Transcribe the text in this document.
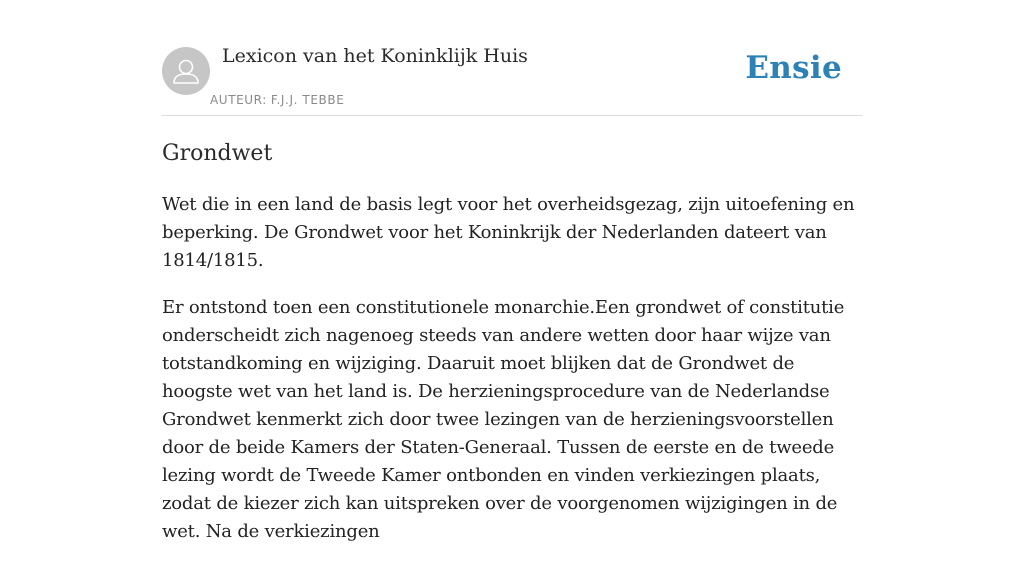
Lexicon van het Koninklijk Huis
AUTEUR: F.J.J. TEBBE
Ensie
Grondwet

Wet die in een land de basis legt voor het overheidsgezag, zijn uitoefening en beperking. De Grondwet voor het Koninkrijk der Nederlanden dateert van 1814/1815.

Er ontstond toen een constitutionele monarchie.Een grondwet of constitutie onderscheidt zich nagenoeg steeds van andere wetten door haar wijze van totstandkoming en wijziging. Daaruit moet blijken dat de Grondwet de hoogste wet van het land is. De herzieningsprocedure van de Nederlandse Grondwet kenmerkt zich door twee lezingen van de herzieningsvoorstellen door de beide Kamers der Staten-Generaal. Tussen de eerste en de tweede lezing wordt de Tweede Kamer ontbonden en vinden verkiezingen plaats, zodat de kiezer zich kan uitspreken over de voorgenomen wijzigingen in de wet. Na de verkiezingen
